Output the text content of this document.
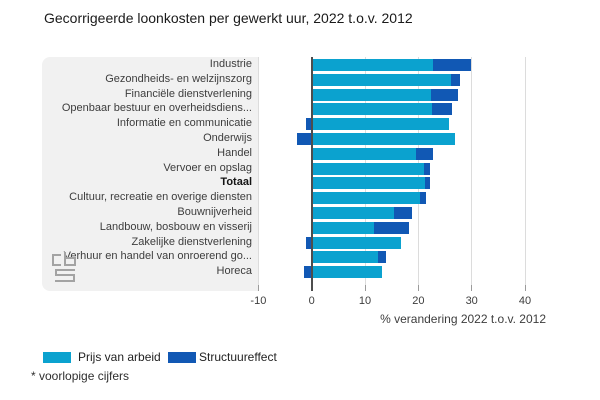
Gecorrigeerde loonkosten per gewerkt uur, 2022 t.o.v. 2012
Industrie
Gezondheids- en welzijnszorg
Financiële dienstverlening
Openbaar bestuur en overheidsdiens...
Informatie en communicatie
Onderwijs
Handel
Vervoer en opslag
Totaal
Cultuur, recreatie en overige diensten
Bouwnijverheid
Landbouw, bosbouw en visserij
Zakelijke dienstverlening
Verhuur en handel van onroerend go...
Horeca
% verandering 2022 t.o.v. 2012
-10	0	10	20	30	40
Prijs van arbeid	Structuureffect
* voorlopige cijfers
